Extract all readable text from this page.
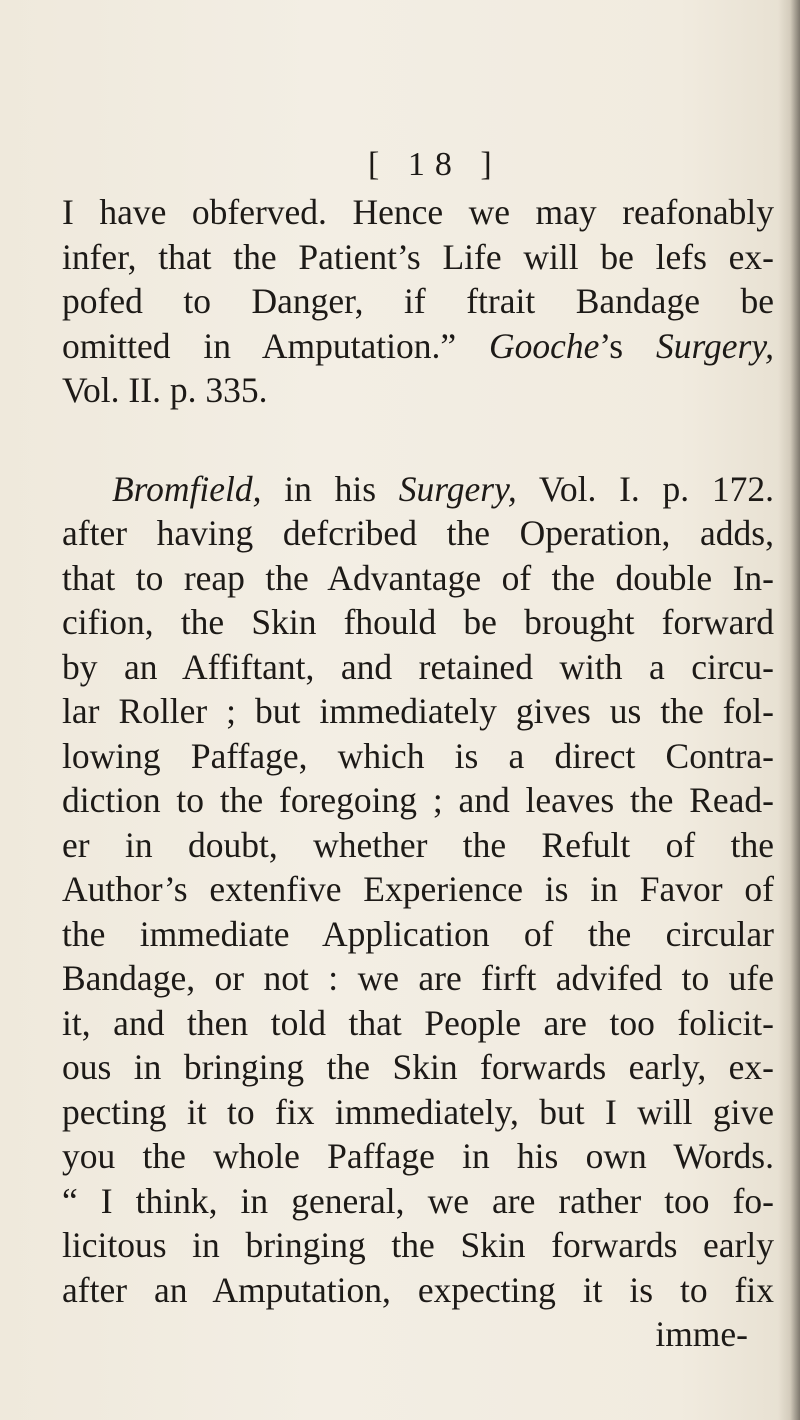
[ 18 ]
I have obferved. Hence we may reafonably
infer, that the Patient’s Life will be lefs ex-
pofed to Danger, if ftrait Bandage be
omitted in Amputation.” Gooche’s Surgery,
Vol. II. p. 335.
Bromfield, in his Surgery, Vol. I. p. 172.
after having defcribed the Operation, adds,
that to reap the Advantage of the double In-
cifion, the Skin fhould be brought forward
by an Affiftant, and retained with a circu-
lar Roller ; but immediately gives us the fol-
lowing Paffage, which is a direct Contra-
diction to the foregoing ; and leaves the Read-
er in doubt, whether the Refult of the
Author’s extenfive Experience is in Favor of
the immediate Application of the circular
Bandage, or not : we are firft advifed to ufe
it, and then told that People are too folicit-
ous in bringing the Skin forwards early, ex-
pecting it to fix immediately, but I will give
you the whole Paffage in his own Words.
“ I think, in general, we are rather too fo-
licitous in bringing the Skin forwards early
after an Amputation, expecting it is to fix
imme-
